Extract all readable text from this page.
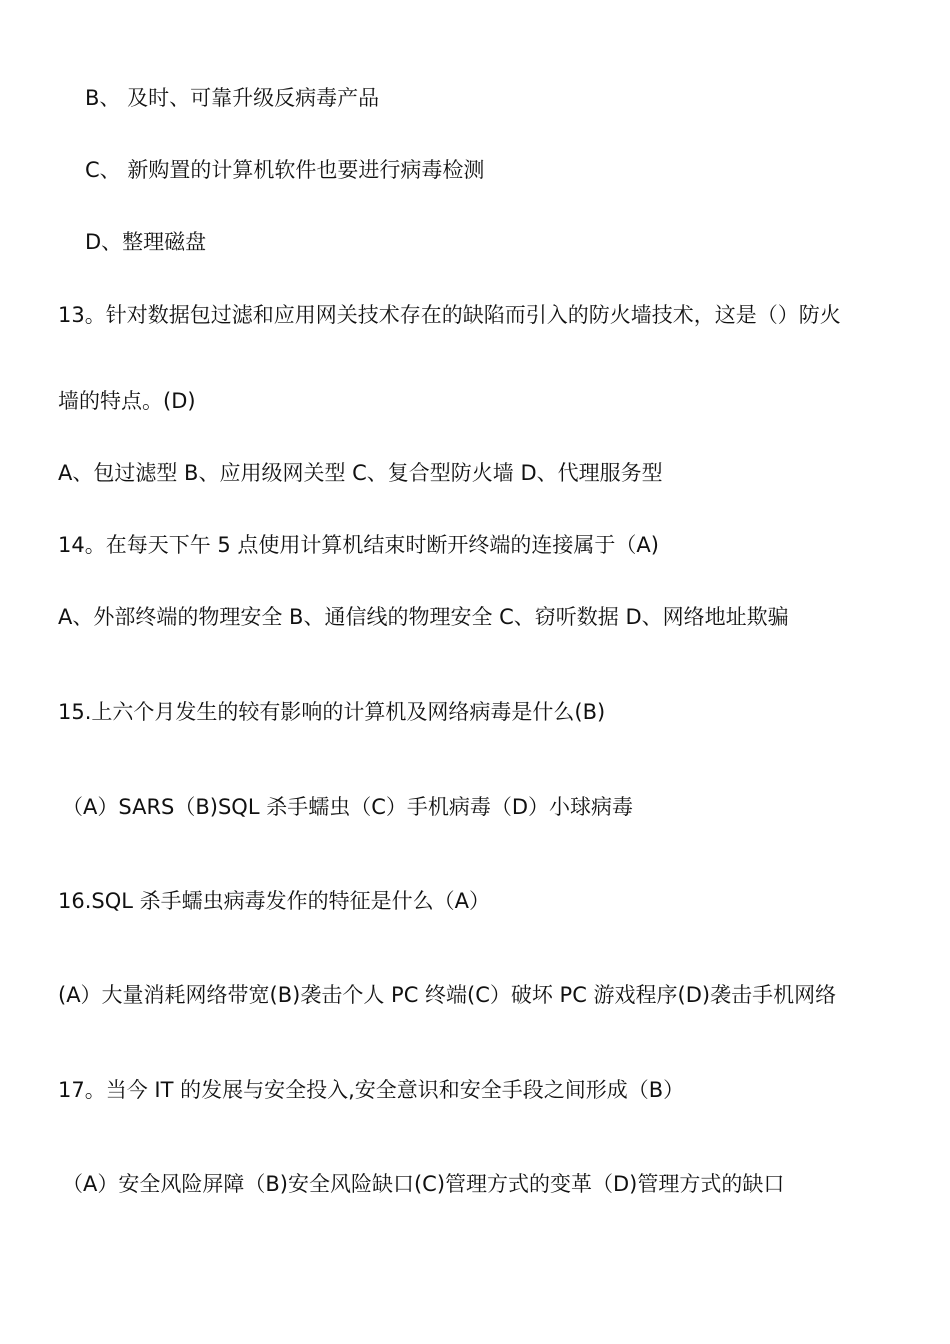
B、 及时、可靠升级反病毒产品
C、 新购置的计算机软件也要进行病毒检测
D、整理磁盘
13。针对数据包过滤和应用网关技术存在的缺陷而引入的防火墙技术，这是（）防火
墙的特点。(D)
A、包过滤型 B、应用级网关型 C、复合型防火墙 D、代理服务型
14。在每天下午 5 点使用计算机结束时断开终端的连接属于（A)
A、外部终端的物理安全 B、通信线的物理安全 C、窃听数据 D、网络地址欺骗
15.上六个月发生的较有影响的计算机及网络病毒是什么(B)
（A）SARS（B)SQL 杀手蠕虫（C）手机病毒（D）小球病毒
16.SQL 杀手蠕虫病毒发作的特征是什么（A）
(A）大量消耗网络带宽(B)袭击个人 PC 终端(C）破坏 PC 游戏程序(D)袭击手机网络
17。当今 IT 的发展与安全投入,安全意识和安全手段之间形成（B）
（A）安全风险屏障（B)安全风险缺口(C)管理方式的变革（D)管理方式的缺口
